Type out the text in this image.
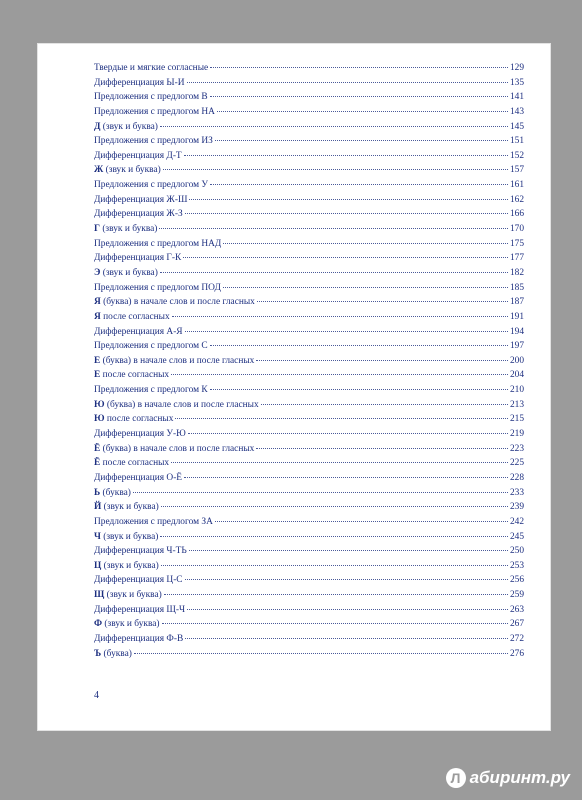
Твердые и мягкие согласные	129
Дифференциация Ы-И	135
Предложения с предлогом В	141
Предложения с предлогом НА	143
Д (звук и буква)	145
Предложения с предлогом ИЗ	151
Дифференциация Д-Т	152
Ж (звук и буква)	157
Предложения с предлогом У	161
Дифференциация Ж-Ш	162
Дифференциация Ж-З	166
Г (звук и буква)	170
Предложения с предлогом НАД	175
Дифференциация Г-К	177
Э (звук и буква)	182
Предложения с предлогом ПОД	185
Я (буква) в начале слов и после гласных	187
Я после согласных	191
Дифференциация А-Я	194
Предложения с предлогом С	197
Е (буква) в начале слов и после гласных	200
Е после согласных	204
Предложения с предлогом К	210
Ю (буква) в начале слов и после гласных	213
Ю после согласных	215
Дифференциация У-Ю	219
Ё (буква) в начале слов и после гласных	223
Ё после согласных	225
Дифференциация О-Ё	228
Ь (буква)	233
Й (звук и буква)	239
Предложения с предлогом ЗА	242
Ч (звук и буква)	245
Дифференциация Ч-ТЬ	250
Ц (звук и буква)	253
Дифференциация Ц-С	256
Щ (звук и буква)	259
Дифференциация Щ-Ч	263
Ф (звук и буква)	267
Дифференциация Ф-В	272
Ъ (буква)	276
4
Л абиринт.ру
